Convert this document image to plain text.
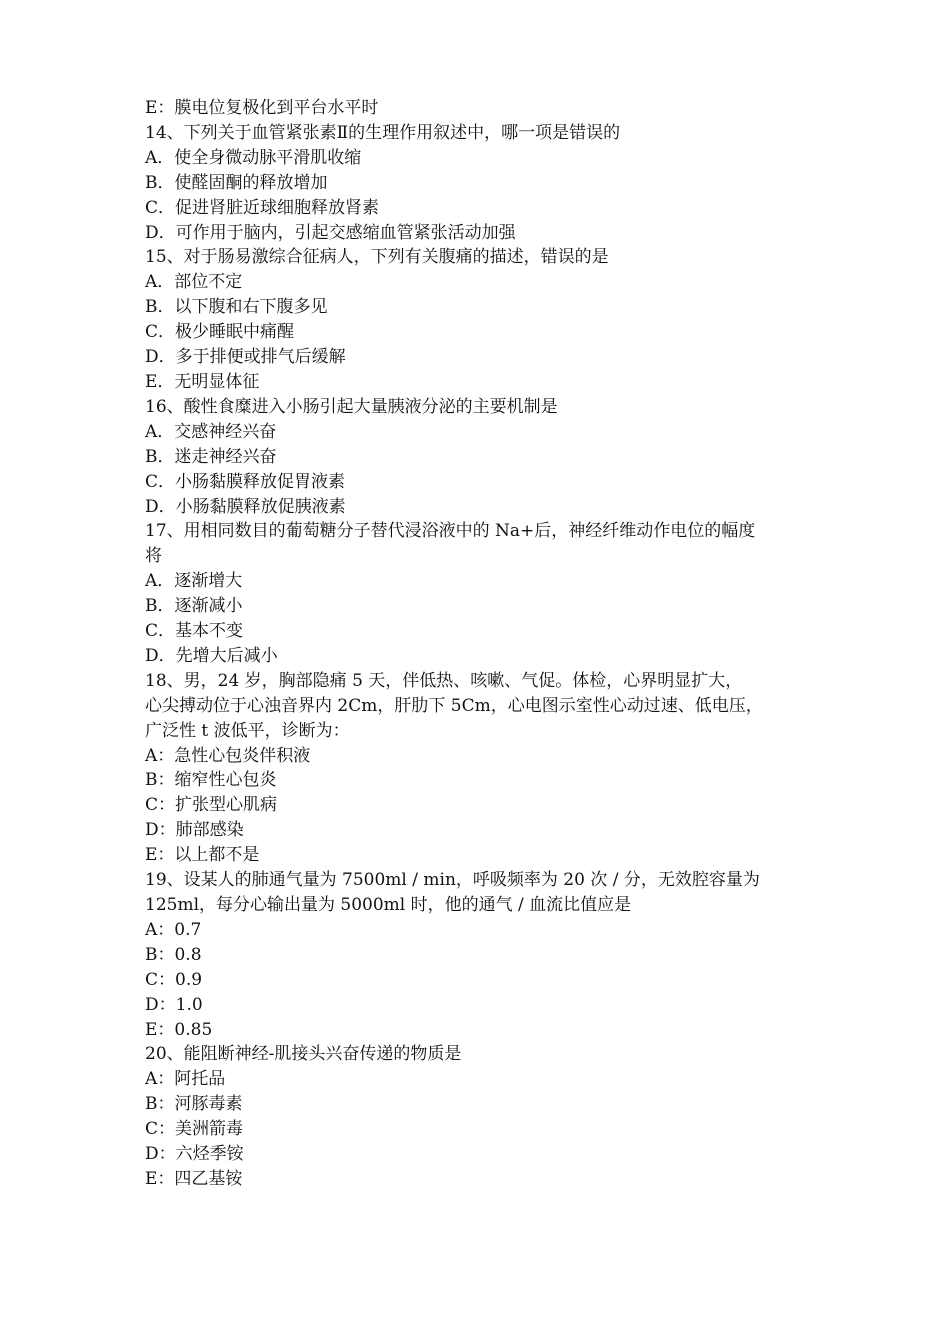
E：膜电位复极化到平台水平时

14、下列关于血管紧张素Ⅱ的生理作用叙述中，哪一项是错误的

A．使全身微动脉平滑肌收缩

B．使醛固酮的释放增加

C．促进肾脏近球细胞释放肾素

D．可作用于脑内，引起交感缩血管紧张活动加强

15、对于肠易激综合征病人，下列有关腹痛的描述，错误的是

A．部位不定

B．以下腹和右下腹多见

C．极少睡眠中痛醒

D．多于排便或排气后缓解

E．无明显体征

16、酸性食糜进入小肠引起大量胰液分泌的主要机制是

A．交感神经兴奋

B．迷走神经兴奋

C．小肠黏膜释放促胃液素

D．小肠黏膜释放促胰液素

17、用相同数目的葡萄糖分子替代浸浴液中的 Na+后，神经纤维动作电位的幅度

将

A．逐渐增大

B．逐渐减小

C．基本不变

D．先增大后减小

18、男，24 岁，胸部隐痛 5 天，伴低热、咳嗽、气促。体检，心界明显扩大，

心尖搏动位于心浊音界内 2Cm，肝肋下 5Cm，心电图示室性心动过速、低电压，

广泛性 t 波低平，诊断为：

A：急性心包炎伴积液

B：缩窄性心包炎

C：扩张型心肌病

D：肺部感染

E：以上都不是

19、设某人的肺通气量为 7500ml / min，呼吸频率为 20 次 / 分，无效腔容量为

125ml，每分心输出量为 5000ml 时，他的通气 / 血流比值应是

A：0.7

B：0.8

C：0.9

D：1.0

E：0.85

20、能阻断神经-肌接头兴奋传递的物质是

A：阿托品

B：河豚毒素

C：美洲箭毒

D：六烃季铵

E：四乙基铵
